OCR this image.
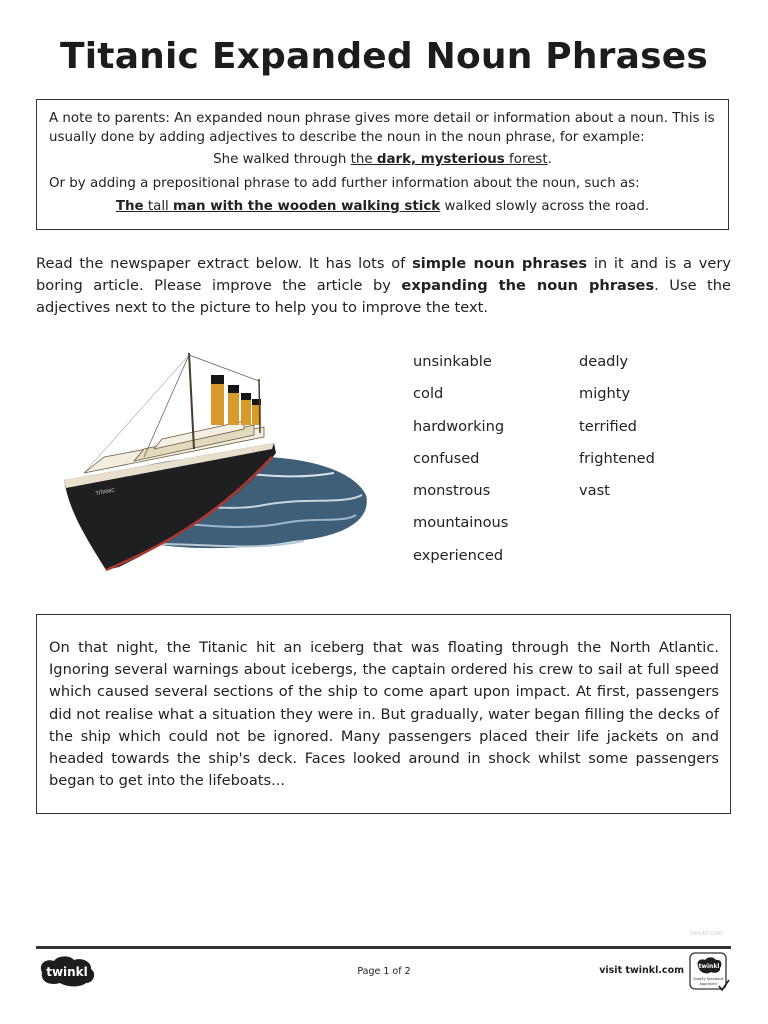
Titanic Expanded Noun Phrases

A note to parents: An expanded noun phrase gives more detail or information about a noun. This is usually done by adding adjectives to describe the noun in the noun phrase, for example:

She walked through the dark, mysterious forest.

Or by adding a prepositional phrase to add further information about the noun, such as:

The tall man with the wooden walking stick walked slowly across the road.

Read the newspaper extract below. It has lots of simple noun phrases in it and is a very boring article. Please improve the article by expanding the noun phrases. Use the adjectives next to the picture to help you to improve the text.

TITANIC
unsinkable
cold
hardworking
confused
monstrous
mountainous
experienced
deadly
mighty
terrified
frightened
vast

On that night, the Titanic hit an iceberg that was floating through the North Atlantic. Ignoring several warnings about icebergs, the captain ordered his crew to sail at full speed which caused several sections of the ship to come apart upon impact. At first, passengers did not realise what a situation they were in. But gradually, water began filling the decks of the ship which could not be ignored. Many passengers placed their life jackets on and headed towards the ship's deck. Faces looked around in shock whilst some passengers began to get into the lifeboats...

twinkl.com
twinkl	Page 1 of 2	visit twinkl.com twinkl
Quality Standard
Approved
